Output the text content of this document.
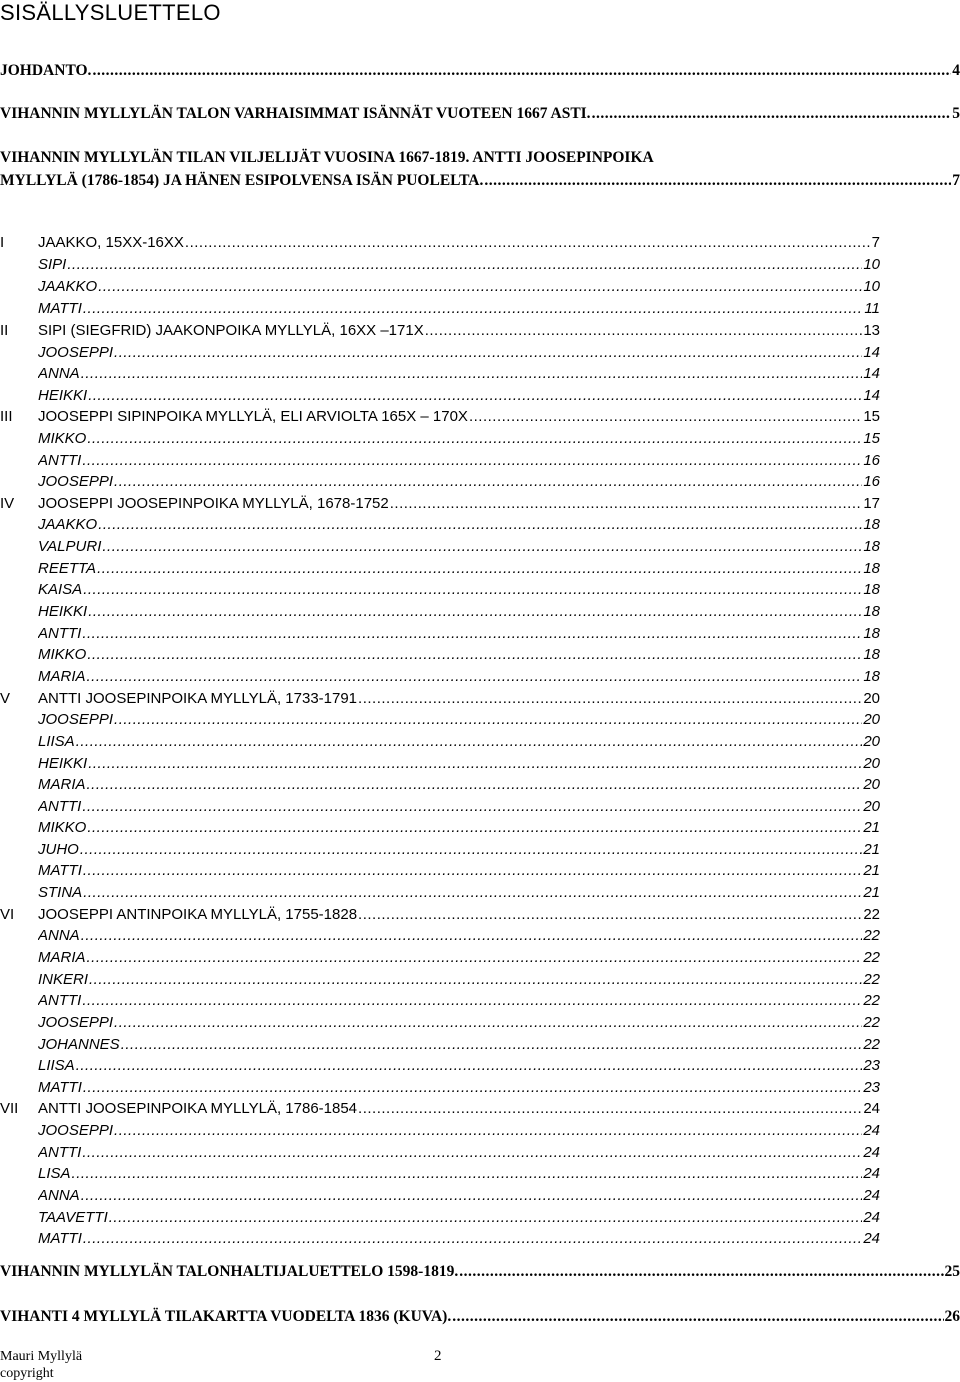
SISÄLLYSLUETTELO
JOHDANTO. .....	4
VIHANNIN MYLLYLÄN TALON VARHAISIMMAT ISÄNNÄT VUOTEEN 1667 ASTI. .....	5
VIHANNIN MYLLYLÄN TILAN VILJELIJÄT VUOSINA 1667-1819. ANTTI JOOSEPINPOIKA
MYLLYLÄ (1786-1854) JA HÄNEN ESIPOLVENSA ISÄN PUOLELTA. .....	7
I	JAAKKO, 15XX-16XX .....	7
SIPI .....	10
JAAKKO .....	10
MATTI .....	11
II	SIPI (SIEGFRID) JAAKONPOIKA MYLLYLÄ, 16XX –171X .....	13
JOOSEPPI .....	14
ANNA .....	14
HEIKKI .....	14
III	JOOSEPPI SIPINPOIKA MYLLYLÄ, ELI ARVIOLTA 165X – 170X .....	15
MIKKO .....	15
ANTTI .....	16
JOOSEPPI .....	16
IV	JOOSEPPI JOOSEPINPOIKA MYLLYLÄ, 1678-1752 .....	17
JAAKKO .....	18
VALPURI .....	18
REETTA .....	18
KAISA .....	18
HEIKKI .....	18
ANTTI .....	18
MIKKO .....	18
MARIA .....	18
V	ANTTI JOOSEPINPOIKA MYLLYLÄ, 1733-1791 .....	20
JOOSEPPI .....	20
LIISA .....	20
HEIKKI .....	20
MARIA .....	20
ANTTI .....	20
MIKKO .....	21
JUHO .....	21
MATTI .....	21
STINA .....	21
VI	JOOSEPPI ANTINPOIKA MYLLYLÄ, 1755-1828 .....	22
ANNA .....	22
MARIA .....	22
INKERI .....	22
ANTTI .....	22
JOOSEPPI .....	22
JOHANNES .....	22
LIISA .....	23
MATTI .....	23
VII	ANTTI JOOSEPINPOIKA MYLLYLÄ, 1786-1854 .....	24
JOOSEPPI .....	24
ANTTI .....	24
LISA .....	24
ANNA .....	24
TAAVETTI .....	24
MATTI .....	24
VIHANNIN MYLLYLÄN TALONHALTIJALUETTELO 1598-1819. .....	25
VIHANTI 4 MYLLYLÄ TILAKARTTA VUODELTA 1836 (KUVA). .....	26
Mauri Myllylä
copyright
2
